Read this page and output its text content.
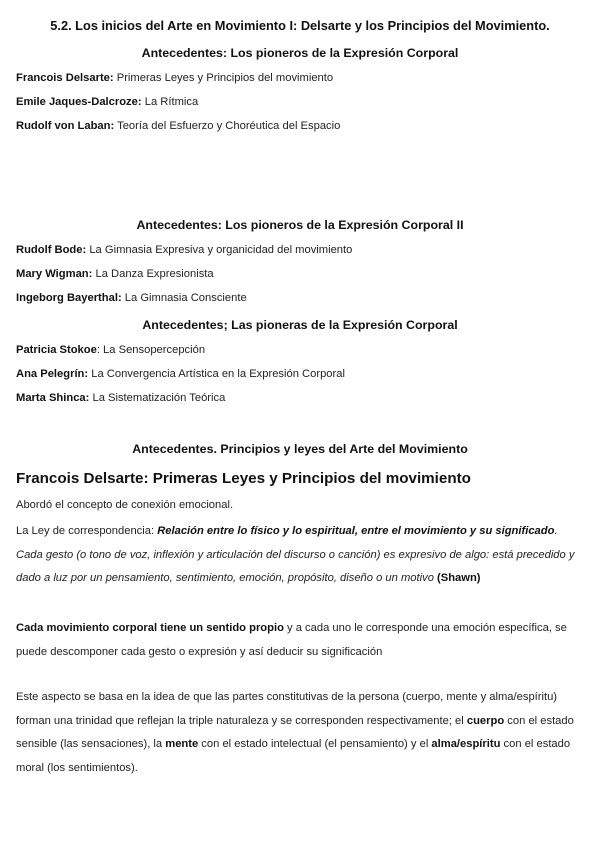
5.2. Los inicios del Arte en Movimiento I: Delsarte y los Principios del Movimiento.
Antecedentes: Los pioneros de la Expresión Corporal
Francois Delsarte: Primeras Leyes y Principios del movimiento
Emile Jaques-Dalcroze: La Rítmica
Rudolf von Laban: Teoría del Esfuerzo y Choréutica del Espacio
Antecedentes: Los pioneros de la Expresión Corporal II
Rudolf Bode: La Gimnasia Expresiva y organicidad del movimiento
Mary Wigman: La Danza Expresionista
Ingeborg Bayerthal: La Gimnasia Consciente
Antecedentes; Las pioneras de la Expresión Corporal
Patricia Stokoe: La Sensopercepción
Ana Pelegrín: La Convergencia Artística en la Expresión Corporal
Marta Shinca: La Sistematización Teórica
Antecedentes. Principios y leyes del Arte del Movimiento
Francois Delsarte: Primeras Leyes y Principios del movimiento
Abordó el concepto de conexión emocional.
La Ley de correspondencia: Relación entre lo físico y lo espiritual, entre el movimiento y su significado. Cada gesto (o tono de voz, inflexión y articulación del discurso o canción) es expresivo de algo: está precedido y dado a luz por un pensamiento, sentimiento, emoción, propósito, diseño o un motivo (Shawn)
Cada movimiento corporal tiene un sentido propio y a cada uno le corresponde una emoción específica, se puede descomponer cada gesto o expresión y así deducir su significación
Este aspecto se basa en la idea de que las partes constitutivas de la persona (cuerpo, mente y alma/espíritu) forman una trinidad que reflejan la triple naturaleza y se corresponden respectivamente; el cuerpo con el estado sensible (las sensaciones), la mente con el estado intelectual (el pensamiento) y el alma/espíritu con el estado moral (los sentimientos).
